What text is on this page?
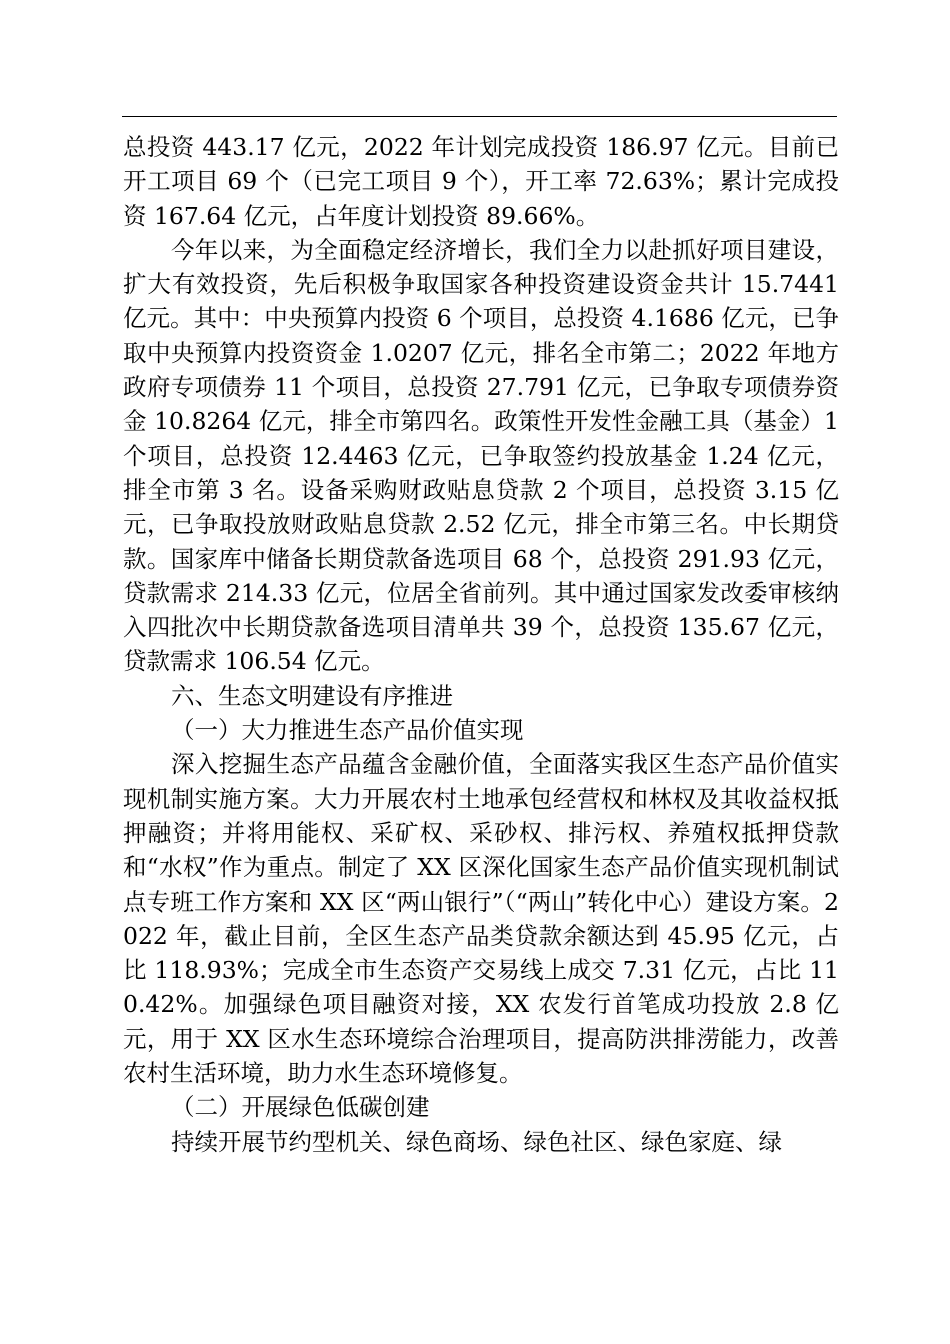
总投资 443.17 亿元，2022 年计划完成投资 186.97 亿元。目前已开工项目 69 个（已完工项目 9 个），开工率 72.63%；累计完成投资 167.64 亿元，占年度计划投资 89.66%。

今年以来，为全面稳定经济增长，我们全力以赴抓好项目建设，扩大有效投资，先后积极争取国家各种投资建设资金共计 15.7441 亿元。其中：中央预算内投资 6 个项目，总投资 4.1686 亿元，已争取中央预算内投资资金 1.0207 亿元，排名全市第二；2022 年地方政府专项债券 11 个项目，总投资 27.791 亿元，已争取专项债券资金 10.8264 亿元，排全市第四名。政策性开发性金融工具（基金）1 个项目，总投资 12.4463 亿元，已争取签约投放基金 1.24 亿元，排全市第 3 名。设备采购财政贴息贷款 2 个项目，总投资 3.15 亿元，已争取投放财政贴息贷款 2.52 亿元，排全市第三名。中长期贷款。国家库中储备长期贷款备选项目 68 个，总投资 291.93 亿元，贷款需求 214.33 亿元，位居全省前列。其中通过国家发改委审核纳入四批次中长期贷款备选项目清单共 39 个，总投资 135.67 亿元，贷款需求 106.54 亿元。

六、生态文明建设有序推进

（一）大力推进生态产品价值实现

深入挖掘生态产品蕴含金融价值，全面落实我区生态产品价值实现机制实施方案。大力开展农村土地承包经营权和林权及其收益权抵押融资；并将用能权、采矿权、采砂权、排污权、养殖权抵押贷款和“水权”作为重点。制定了 XX 区深化国家生态产品价值实现机制试点专班工作方案和 XX 区“两山银行”（“两山”转化中心）建设方案。2022 年，截止目前，全区生态产品类贷款余额达到 45.95 亿元，占比 118.93%；完成全市生态资产交易线上成交 7.31 亿元，占比 110.42%。加强绿色项目融资对接，XX 农发行首笔成功投放 2.8 亿元，用于 XX 区水生态环境综合治理项目，提高防洪排涝能力，改善农村生活环境，助力水生态环境修复。

（二）开展绿色低碳创建

持续开展节约型机关、绿色商场、绿色社区、绿色家庭、绿
